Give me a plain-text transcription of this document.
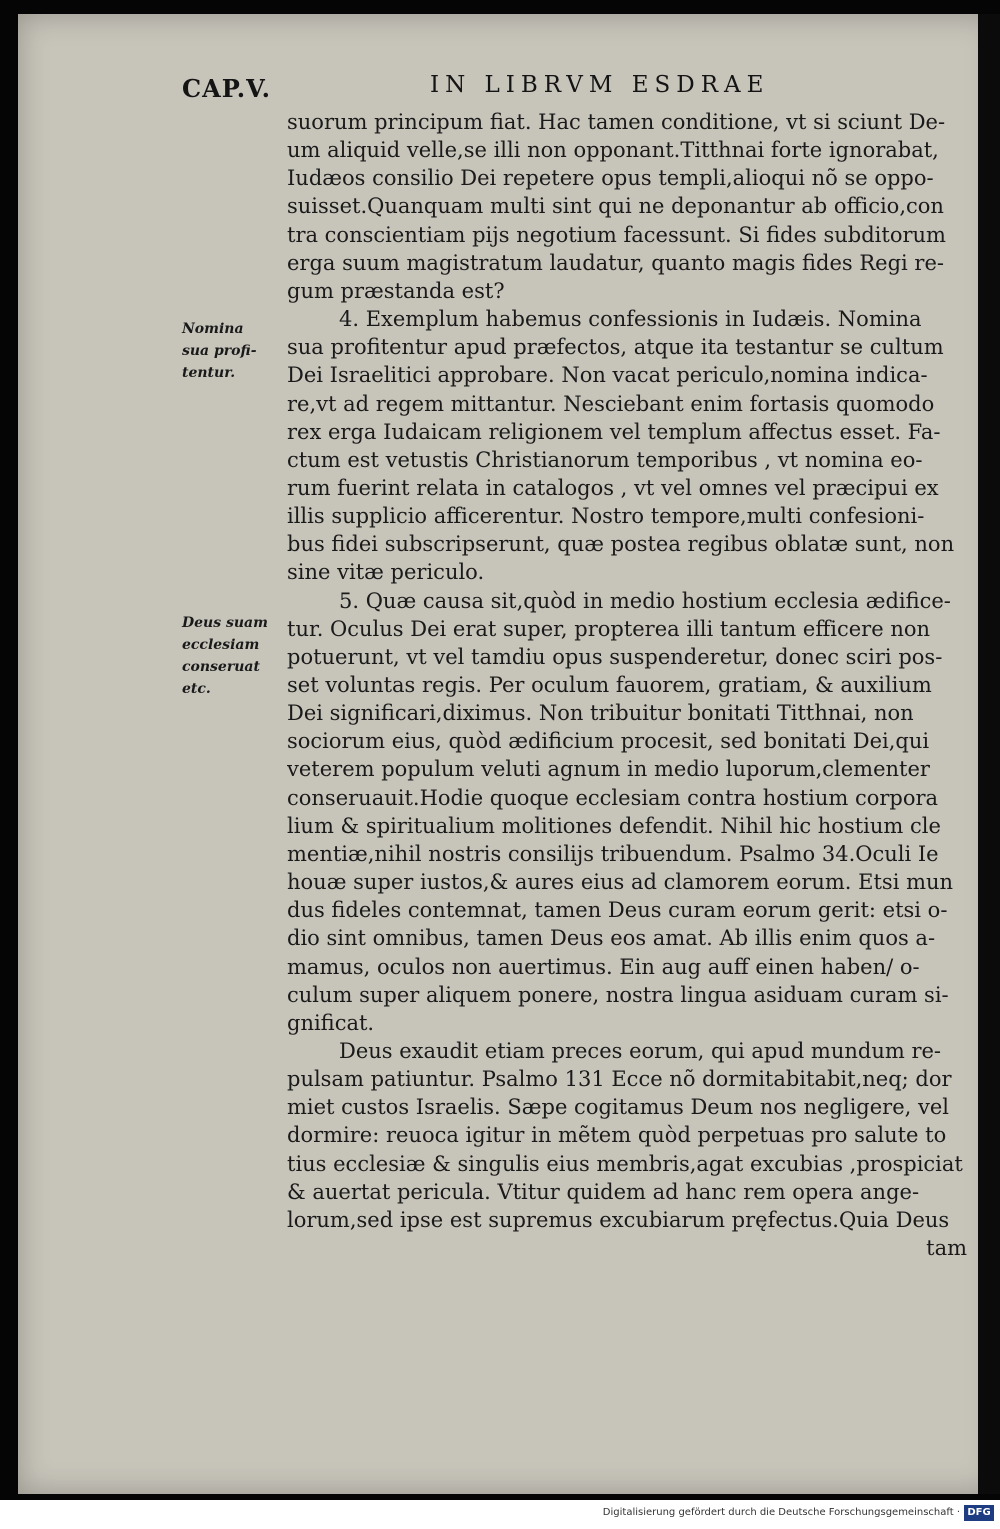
CAP.V.	IN LIBRVM ESDRAE
Nomina
sua profi-
tentur.
Deus suam
ecclesiam
conseruat
etc.
suorum principum fiat. Hac tamen conditione, vt si sciunt De-
um aliquid velle,se illi non opponant.Titthnai forte ignorabat,
Iudæos consilio Dei repetere opus templi,alioqui nõ se oppo-
suisset.Quanquam multi sint qui ne deponantur ab officio,con
tra conscientiam pijs negotium facessunt. Si fides subditorum
erga suum magistratum laudatur, quanto magis fides Regi re-
gum præstanda est?
4. Exemplum habemus confessionis in Iudæis. Nomina
sua profitentur apud præfectos, atque ita testantur se cultum
Dei Israelitici approbare. Non vacat periculo,nomina indica-
re,vt ad regem mittantur. Nesciebant enim fortasis quomodo
rex erga Iudaicam religionem vel templum affectus esset. Fa-
ctum est vetustis Christianorum temporibus , vt nomina eo-
rum fuerint relata in catalogos , vt vel omnes vel præcipui ex
illis supplicio afficerentur. Nostro tempore,multi confesioni-
bus fidei subscripserunt, quæ postea regibus oblatæ sunt, non
sine vitæ periculo.
5. Quæ causa sit,quòd in medio hostium ecclesia ædifice-
tur. Oculus Dei erat super, propterea illi tantum efficere non
potuerunt, vt vel tamdiu opus suspenderetur, donec sciri pos-
set voluntas regis. Per oculum fauorem, gratiam, & auxilium
Dei significari,diximus. Non tribuitur bonitati Titthnai, non
sociorum eius, quòd ædificium procesit, sed bonitati Dei,qui
veterem populum veluti agnum in medio luporum,clementer
conseruauit.Hodie quoque ecclesiam contra hostium corpora
lium & spiritualium molitiones defendit. Nihil hic hostium cle
mentiæ,nihil nostris consilijs tribuendum. Psalmo 34.Oculi Ie
houæ super iustos,& aures eius ad clamorem eorum. Etsi mun
dus fideles contemnat, tamen Deus curam eorum gerit: etsi o-
dio sint omnibus, tamen Deus eos amat. Ab illis enim quos a-
mamus, oculos non auertimus. Ein aug auff einen haben/ o-
culum super aliquem ponere, nostra lingua asiduam curam si-
gnificat.
Deus exaudit etiam preces eorum, qui apud mundum re-
pulsam patiuntur. Psalmo 131 Ecce nõ dormitabitabit,neq; dor
miet custos Israelis. Sæpe cogitamus Deum nos negligere, vel
dormire: reuoca igitur in mẽtem quòd perpetuas pro salute to
tius ecclesiæ & singulis eius membris,agat excubias ,prospiciat
& auertat pericula. Vtitur quidem ad hanc rem opera ange-
lorum,sed ipse est supremus excubiarum pręfectus.Quia Deus
tam
Digitalisierung gefördert durch die Deutsche Forschungsgemeinschaft · DFG
